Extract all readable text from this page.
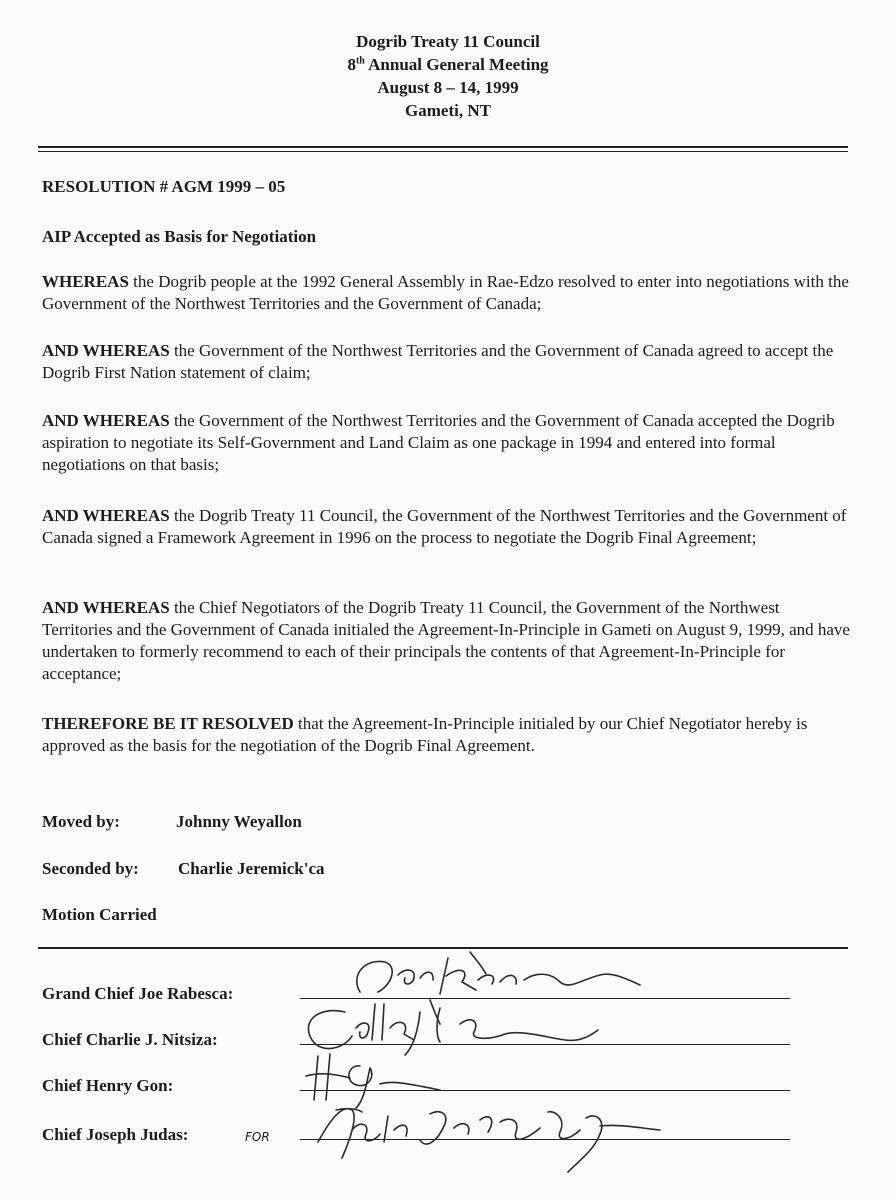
Dogrib Treaty 11 Council
8th Annual General Meeting
August 8 – 14, 1999
Gameti, NT
RESOLUTION # AGM 1999 – 05
AIP Accepted as Basis for Negotiation
WHEREAS the Dogrib people at the 1992 General Assembly in Rae-Edzo resolved to enter into negotiations with the Government of the Northwest Territories and the Government of Canada;
AND WHEREAS the Government of the Northwest Territories and the Government of Canada agreed to accept the Dogrib First Nation statement of claim;
AND WHEREAS the Government of the Northwest Territories and the Government of Canada accepted the Dogrib aspiration to negotiate its Self-Government and Land Claim as one package in 1994 and entered into formal negotiations on that basis;
AND WHEREAS the Dogrib Treaty 11 Council, the Government of the Northwest Territories and the Government of Canada signed a Framework Agreement in 1996 on the process to negotiate the Dogrib Final Agreement;
AND WHEREAS the Chief Negotiators of the Dogrib Treaty 11 Council, the Government of the Northwest Territories and the Government of Canada initialed the Agreement-In-Principle in Gameti on August 9, 1999, and have undertaken to formerly recommend to each of their principals the contents of that Agreement-In-Principle for acceptance;
THEREFORE BE IT RESOLVED that the Agreement-In-Principle initialed by our Chief Negotiator hereby is approved as the basis for the negotiation of the Dogrib Final Agreement.
Moved by:	Johnny Weyallon
Seconded by: Charlie Jeremick'ca
Motion Carried
Grand Chief Joe Rabesca:
Chief Charlie J. Nitsiza:
Chief Henry Gon:
Chief Joseph Judas:	FOR
